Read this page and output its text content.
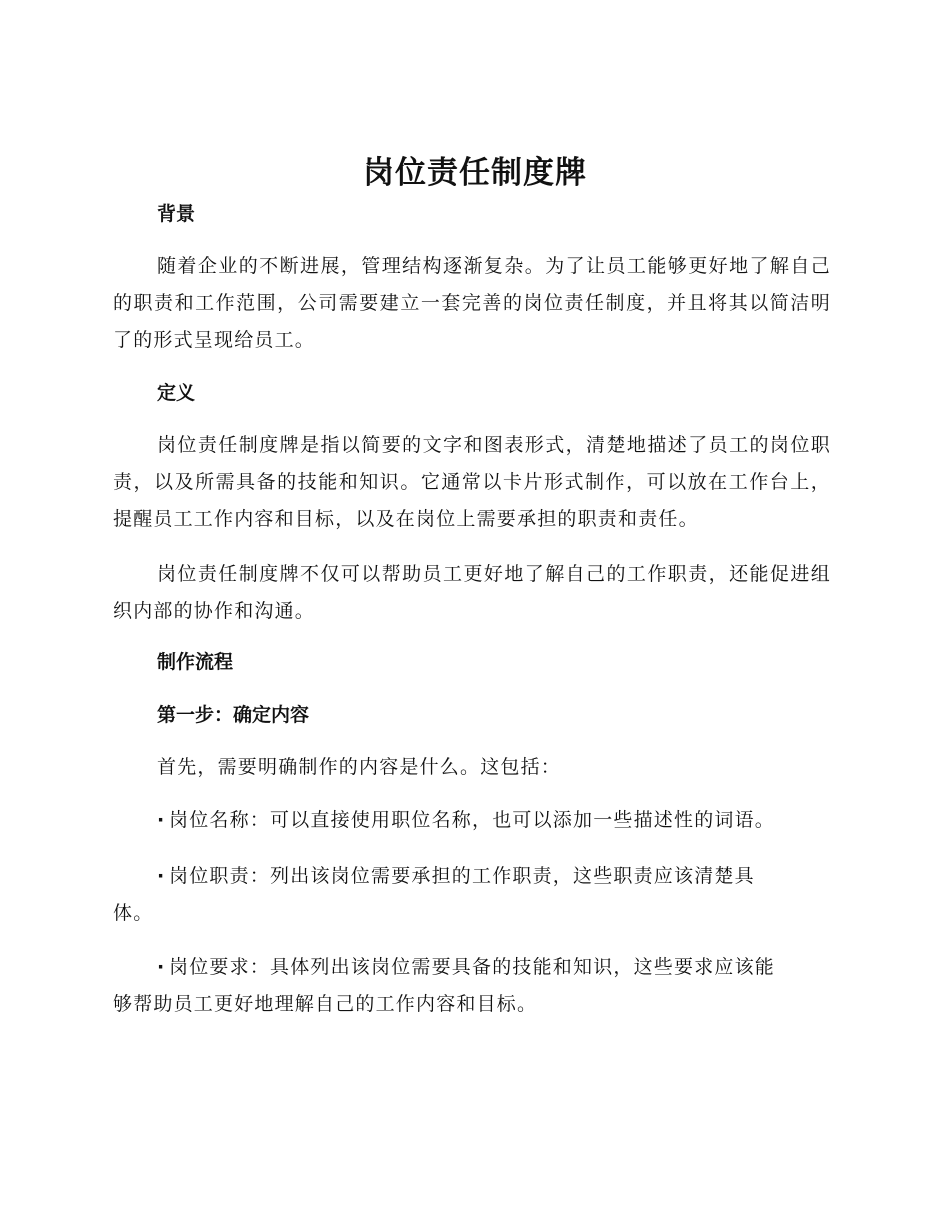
岗位责任制度牌
背景

随着企业的不断进展，管理结构逐渐复杂。为了让员工能够更好地了解自己的职责和工作范围，公司需要建立一套完善的岗位责任制度，并且将其以简洁明了的形式呈现给员工。

定义

岗位责任制度牌是指以简要的文字和图表形式，清楚地描述了员工的岗位职责，以及所需具备的技能和知识。它通常以卡片形式制作，可以放在工作台上，提醒员工工作内容和目标，以及在岗位上需要承担的职责和责任。

岗位责任制度牌不仅可以帮助员工更好地了解自己的工作职责，还能促进组织内部的协作和沟通。

制作流程
第一步：确定内容

首先，需要明确制作的内容是什么。这包括：

· 岗位名称：可以直接使用职位名称，也可以添加一些描述性的词语。
· 岗位职责：列出该岗位需要承担的工作职责，这些职责应该清楚具
体。
· 岗位要求：具体列出该岗位需要具备的技能和知识，这些要求应该能
够帮助员工更好地理解自己的工作内容和目标。
